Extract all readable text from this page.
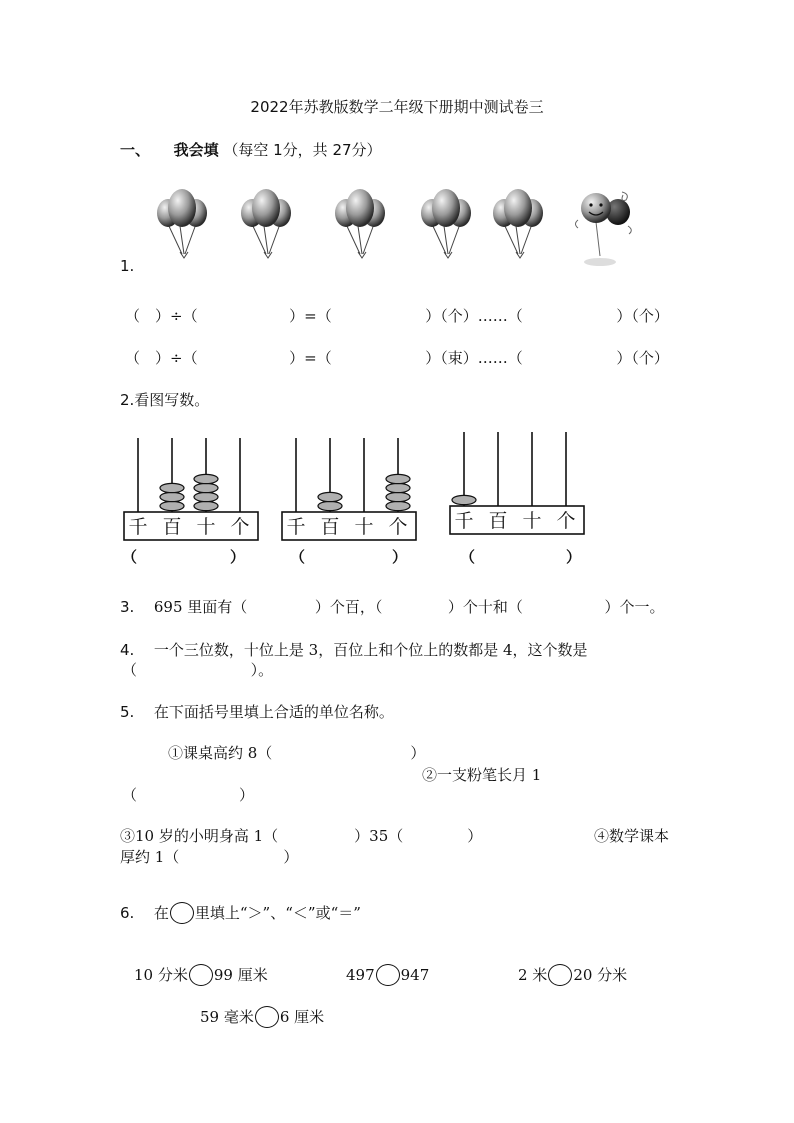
2022年苏教版数学二年级下册期中测试卷三
一、 我会填 （每空 1分，共 27分）
1.
（　）÷（	）=（	）（个）……（	）（个）
（　）÷（	）=（	）（束）……（	）（个）
2.看图写数。
千 百 十 个 千 百 十 个 千 百 十 个
（	）	（	）	（	）
3. 695 里面有（	）个百，（	）个十和（	）个一。
4. 一个三位数，十位上是 3，百位上和个位上的数都是 4，这个数是
（	）。
5. 在下面括号里填上合适的单位名称。
①课桌高约 8（	）
②一支粉笔长月 1
（	）
③10 岁的小明身高 1（	）35（	）	④数学课本
厚约 1（	）
6. 在 里填上“＞”、“＜”或“＝”
10 分米 99 厘米	497 947	2 米 20 分米
59 毫米 6 厘米
